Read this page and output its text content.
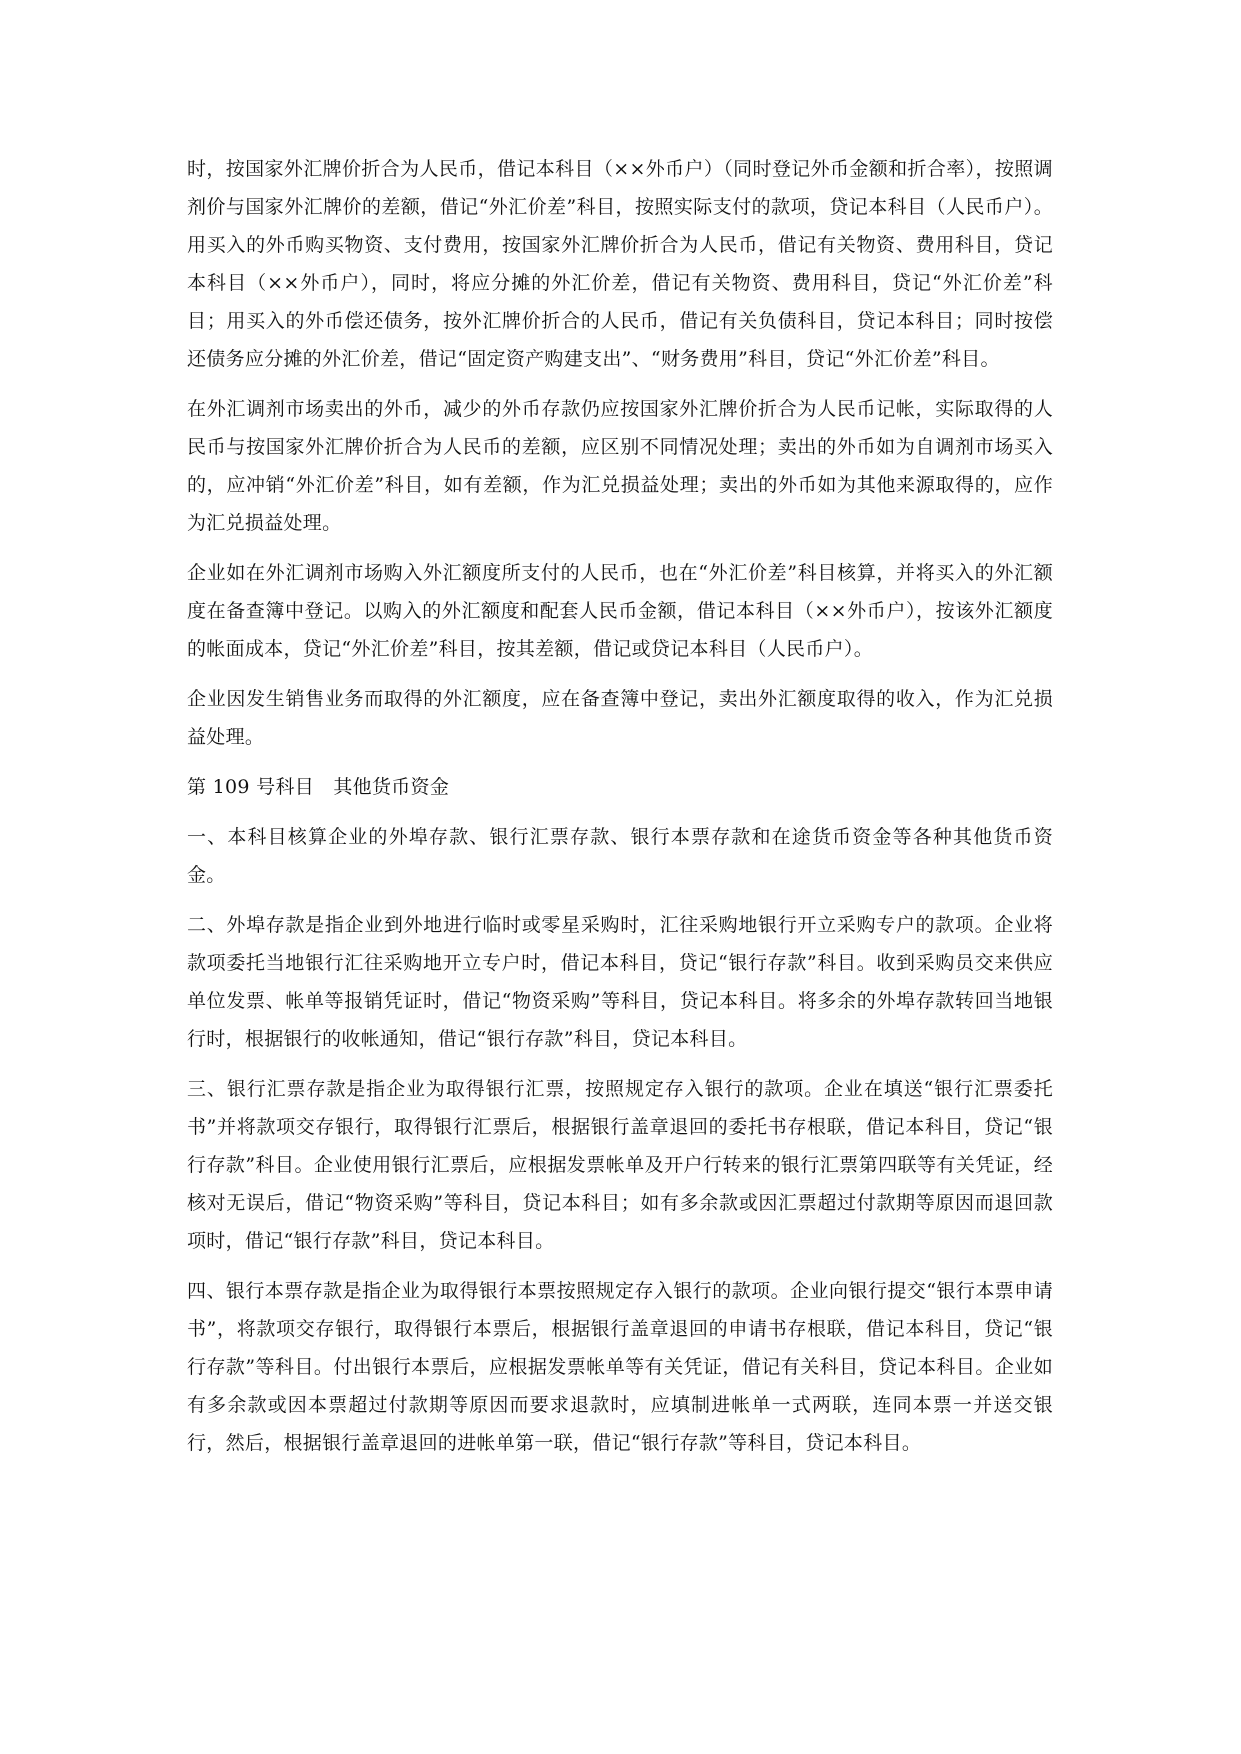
时，按国家外汇牌价折合为人民币，借记本科目（××外币户）（同时登记外币金额和折合率），按照调剂价与国家外汇牌价的差额，借记“外汇价差”科目，按照实际支付的款项，贷记本科目（人民币户）。用买入的外币购买物资、支付费用，按国家外汇牌价折合为人民币，借记有关物资、费用科目，贷记本科目（××外币户），同时，将应分摊的外汇价差，借记有关物资、费用科目，贷记“外汇价差”科目；用买入的外币偿还债务，按外汇牌价折合的人民币，借记有关负债科目，贷记本科目；同时按偿还债务应分摊的外汇价差，借记“固定资产购建支出”、“财务费用”科目，贷记“外汇价差”科目。

在外汇调剂市场卖出的外币，减少的外币存款仍应按国家外汇牌价折合为人民币记帐，实际取得的人民币与按国家外汇牌价折合为人民币的差额，应区别不同情况处理；卖出的外币如为自调剂市场买入的，应冲销“外汇价差”科目，如有差额，作为汇兑损益处理；卖出的外币如为其他来源取得的，应作为汇兑损益处理。

企业如在外汇调剂市场购入外汇额度所支付的人民币，也在“外汇价差”科目核算，并将买入的外汇额度在备查簿中登记。以购入的外汇额度和配套人民币金额，借记本科目（××外币户），按该外汇额度的帐面成本，贷记“外汇价差”科目，按其差额，借记或贷记本科目（人民币户）。

企业因发生销售业务而取得的外汇额度，应在备查簿中登记，卖出外汇额度取得的收入，作为汇兑损益处理。

第 109 号科目　其他货币资金

一、本科目核算企业的外埠存款、银行汇票存款、银行本票存款和在途货币资金等各种其他货币资金。

二、外埠存款是指企业到外地进行临时或零星采购时，汇往采购地银行开立采购专户的款项。企业将款项委托当地银行汇往采购地开立专户时，借记本科目，贷记“银行存款”科目。收到采购员交来供应单位发票、帐单等报销凭证时，借记“物资采购”等科目，贷记本科目。将多余的外埠存款转回当地银行时，根据银行的收帐通知，借记“银行存款”科目，贷记本科目。

三、银行汇票存款是指企业为取得银行汇票，按照规定存入银行的款项。企业在填送“银行汇票委托书”并将款项交存银行，取得银行汇票后，根据银行盖章退回的委托书存根联，借记本科目，贷记“银行存款”科目。企业使用银行汇票后，应根据发票帐单及开户行转来的银行汇票第四联等有关凭证，经核对无误后，借记“物资采购”等科目，贷记本科目；如有多余款或因汇票超过付款期等原因而退回款项时，借记“银行存款”科目，贷记本科目。

四、银行本票存款是指企业为取得银行本票按照规定存入银行的款项。企业向银行提交“银行本票申请书”，将款项交存银行，取得银行本票后，根据银行盖章退回的申请书存根联，借记本科目，贷记“银行存款”等科目。付出银行本票后，应根据发票帐单等有关凭证，借记有关科目，贷记本科目。企业如有多余款或因本票超过付款期等原因而要求退款时，应填制进帐单一式两联，连同本票一并送交银行，然后，根据银行盖章退回的进帐单第一联，借记“银行存款”等科目，贷记本科目。
